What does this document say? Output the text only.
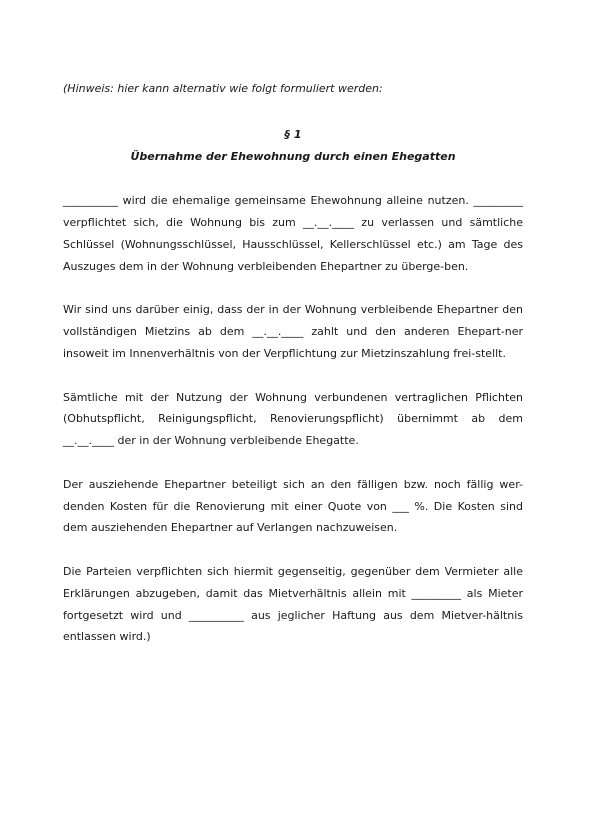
(Hinweis: hier kann alternativ wie folgt formuliert werden:

§ 1

Übernahme der Ehewohnung durch einen Ehegatten

__________ wird die ehemalige gemeinsame Ehewohnung alleine nutzen. _________ verpflichtet sich, die Wohnung bis zum __.__.____ zu verlassen und sämtliche Schlüssel (Wohnungsschlüssel, Hausschlüssel, Kellerschlüssel etc.) am Tage des Auszuges dem in der Wohnung verbleibenden Ehepartner zu überge-ben.

Wir sind uns darüber einig, dass der in der Wohnung verbleibende Ehepartner den vollständigen Mietzins ab dem __.__.____ zahlt und den anderen Ehepart-ner insoweit im Innenverhältnis von der Verpflichtung zur Mietzinszahlung frei-stellt.

Sämtliche mit der Nutzung der Wohnung verbundenen vertraglichen Pflichten (Obhutspflicht, Reinigungspflicht, Renovierungspflicht) übernimmt ab dem __.__.____ der in der Wohnung verbleibende Ehegatte.

Der ausziehende Ehepartner beteiligt sich an den fälligen bzw. noch fällig wer-denden Kosten für die Renovierung mit einer Quote von ___ %. Die Kosten sind dem ausziehenden Ehepartner auf Verlangen nachzuweisen.

Die Parteien verpflichten sich hiermit gegenseitig, gegenüber dem Vermieter alle Erklärungen abzugeben, damit das Mietverhältnis allein mit _________ als Mieter fortgesetzt wird und __________ aus jeglicher Haftung aus dem Mietver-hältnis entlassen wird.)
